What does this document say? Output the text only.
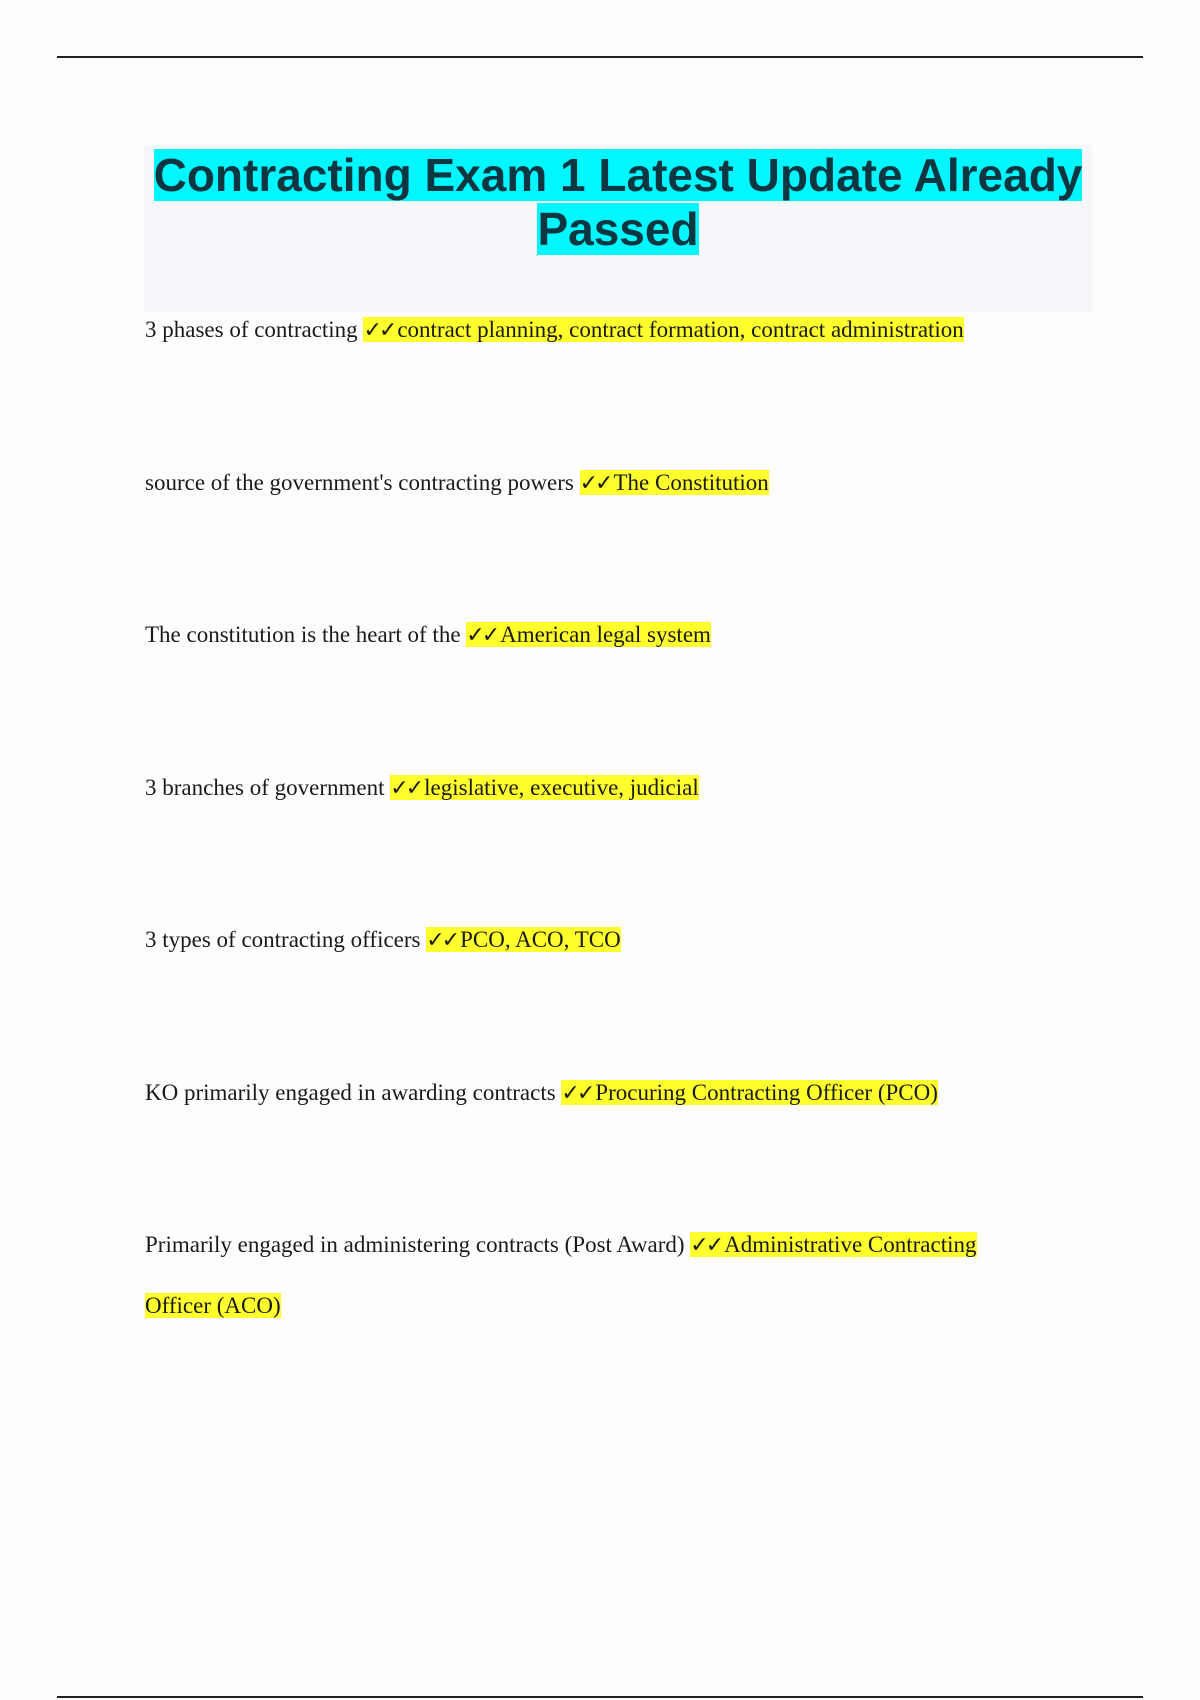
Contracting Exam 1 Latest Update Already Passed

3 phases of contracting ✓✓ contract planning, contract formation, contract administration

source of the government's contracting powers ✓✓ The Constitution

The constitution is the heart of the ✓✓ American legal system

3 branches of government ✓✓ legislative, executive, judicial

3 types of contracting officers ✓✓ PCO, ACO, TCO

KO primarily engaged in awarding contracts ✓✓ Procuring Contracting Officer (PCO)

Primarily engaged in administering contracts (Post Award) ✓✓ Administrative Contracting Officer (ACO)
